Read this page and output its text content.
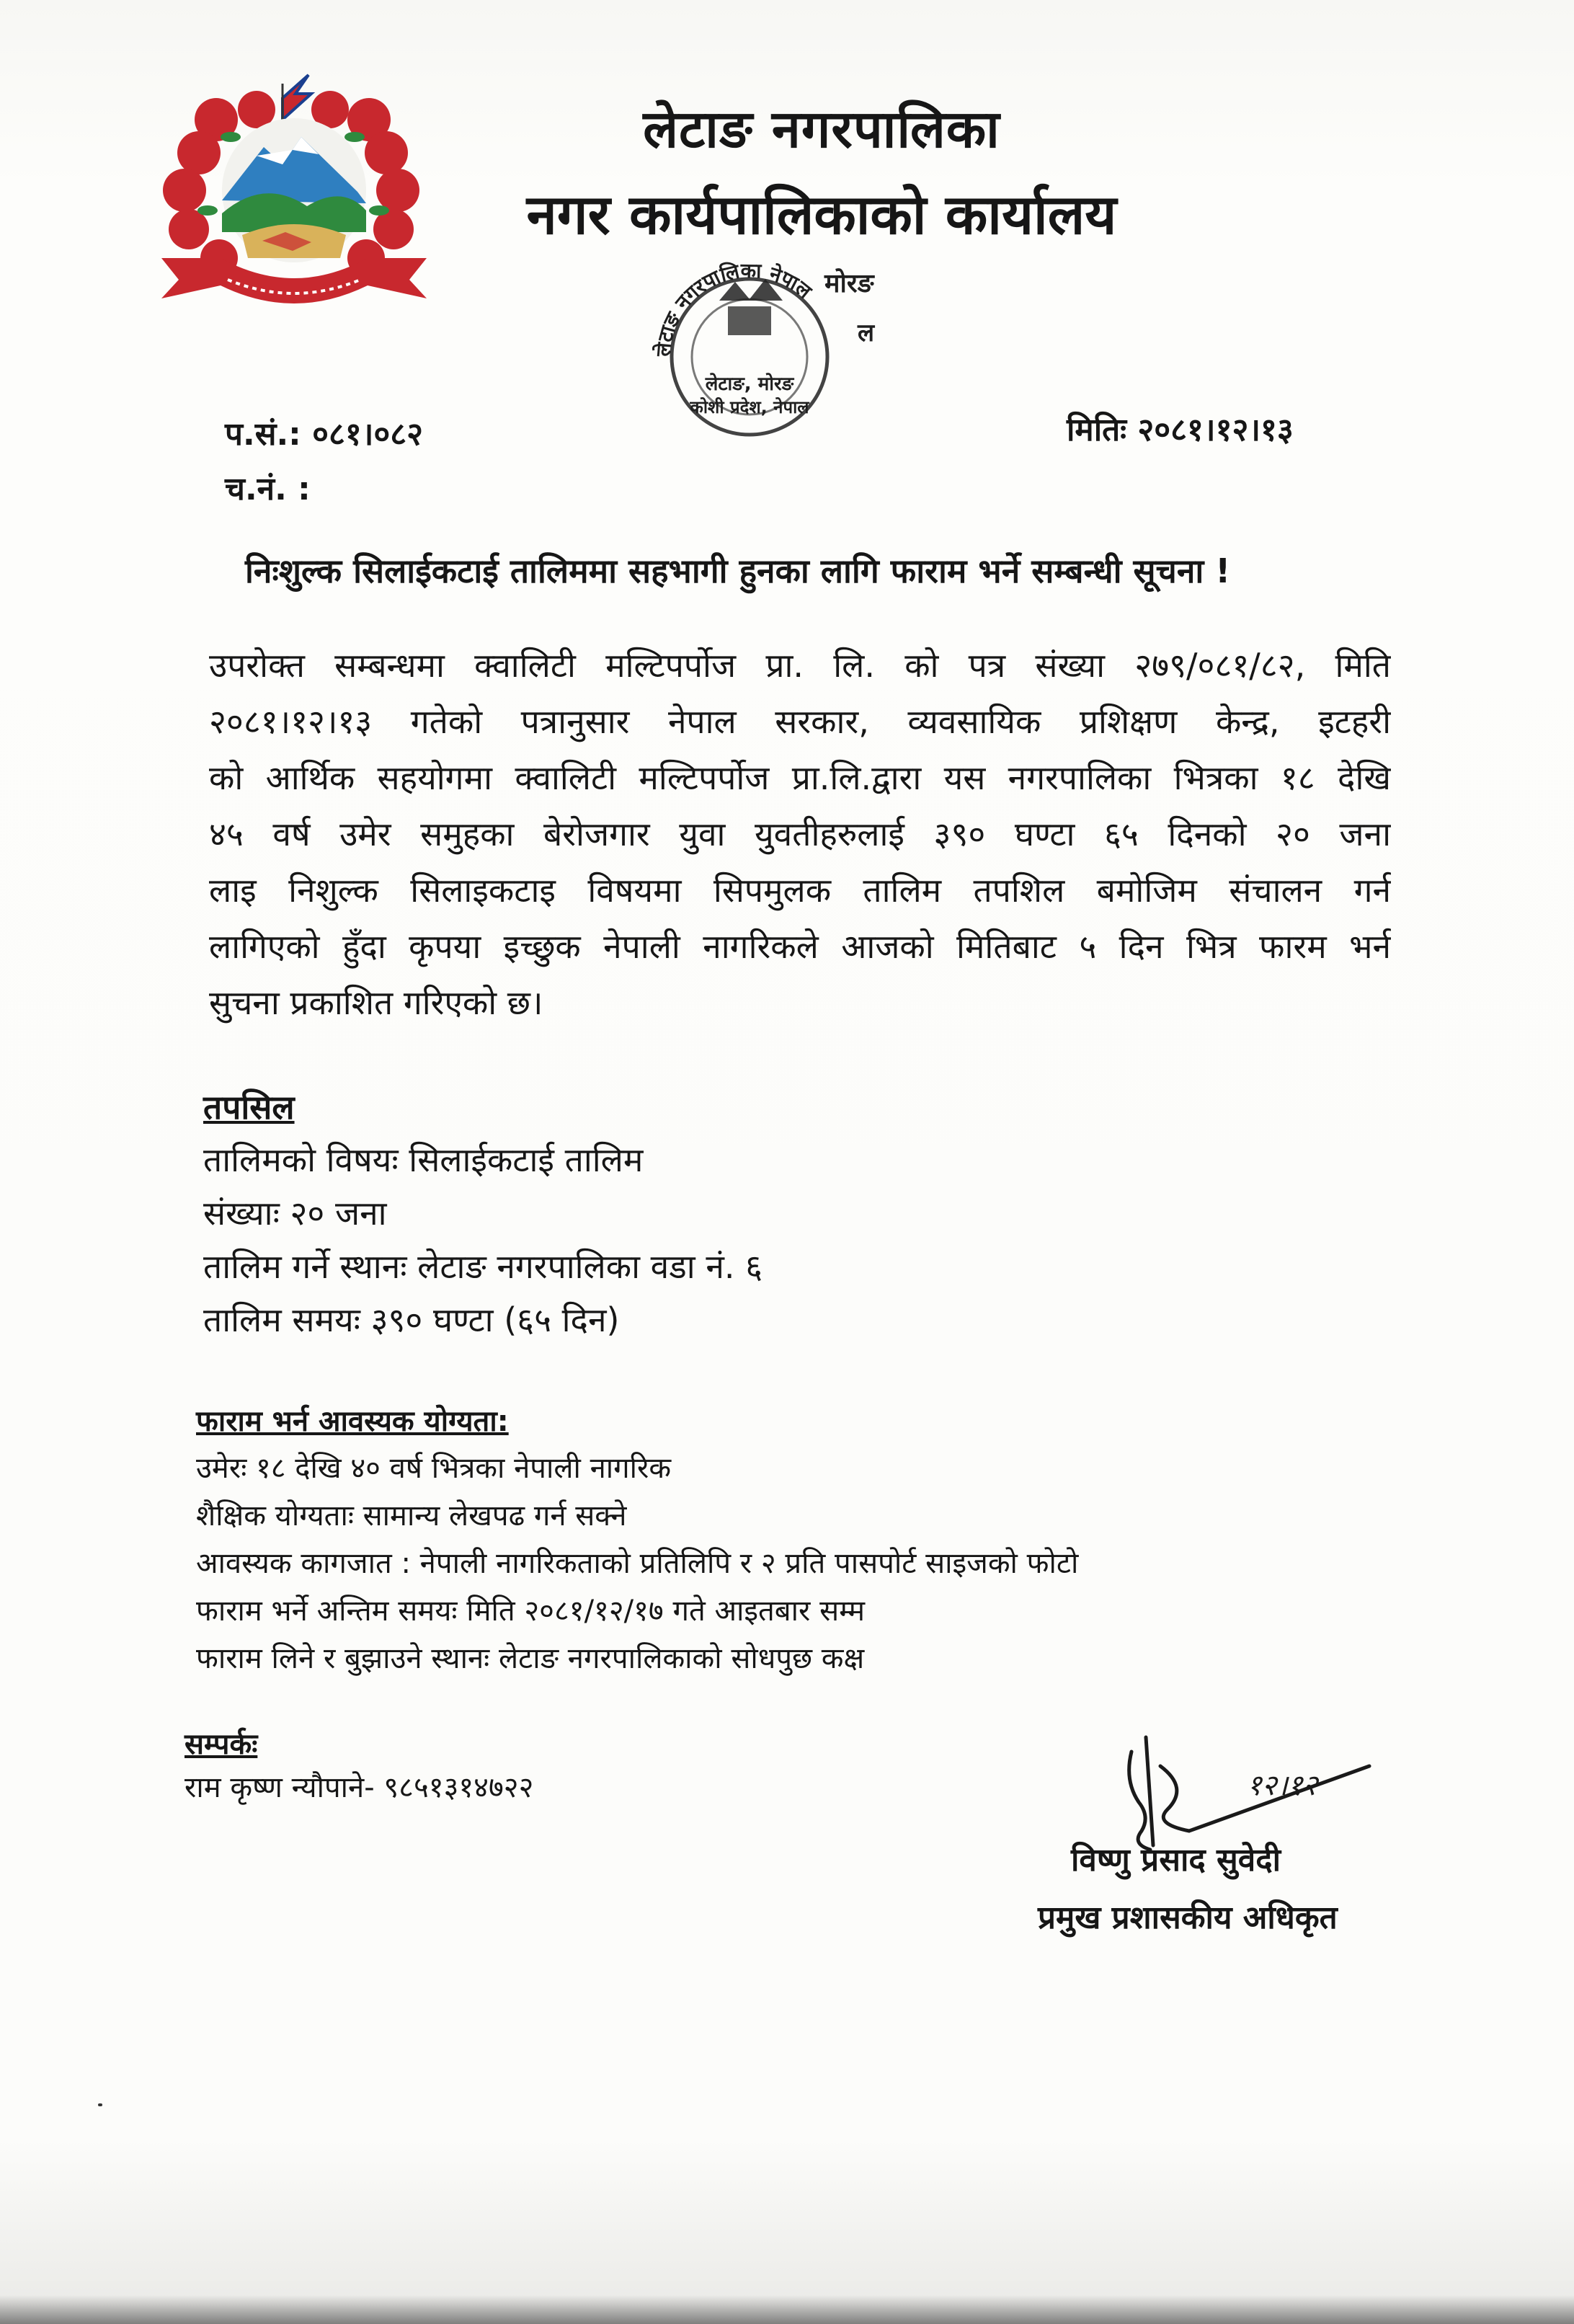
लेटाङ नगरपालिका
नगर कार्यपालिकाको कार्यालय
मोरङ
लेटाङ नगरपालिका नेपाल
ल
लेटाङ, मोरङ
कोशी प्रदेश, नेपाल
प.सं.: ०८१।०८२	मितिः २०८१।१२।१३
च.नं. :
निःशुल्क सिलाईकटाई तालिममा सहभागी हुनका लागि फाराम भर्ने सम्बन्धी सूचना !
उपरोक्त सम्बन्धमा क्वालिटी मल्टिपर्पोज प्रा. लि. को पत्र संख्या २७९/०८१/८२, मिति
२०८१।१२।१३ गतेको पत्रानुसार नेपाल सरकार, व्यवसायिक प्रशिक्षण केन्द्र, इटहरी
को आर्थिक सहयोगमा क्वालिटी मल्टिपर्पोज प्रा.लि.द्वारा यस नगरपालिका भित्रका १८ देखि
४५ वर्ष उमेर समुहका बेरोजगार युवा युवतीहरुलाई ३९० घण्टा ६५ दिनको २० जना
लाइ निशुल्क सिलाइकटाइ विषयमा सिपमुलक तालिम तपशिल बमोजिम संचालन गर्न
लागिएको हुँदा कृपया इच्छुक नेपाली नागरिकले आजको मितिबाट ५ दिन भित्र फारम भर्न
सुचना प्रकाशित गरिएको छ।
तपसिल
तालिमको विषयः सिलाईकटाई तालिम
संख्याः २० जना
तालिम गर्ने स्थानः लेटाङ नगरपालिका वडा नं. ६
तालिम समयः ३९० घण्टा (६५ दिन)
फाराम भर्न आवस्यक योग्यता:
उमेरः १८ देखि ४० वर्ष भित्रका नेपाली नागरिक
शैक्षिक योग्यताः सामान्य लेखपढ गर्न सक्ने
आवस्यक कागजात : नेपाली नागरिकताको प्रतिलिपि र २ प्रति पासपोर्ट साइजको फोटो
फाराम भर्ने अन्तिम समयः मिति २०८१/१२/१७ गते आइतबार सम्म
फाराम लिने र बुझाउने स्थानः लेटाङ नगरपालिकाको सोधपुछ कक्ष
सम्पर्कः
राम कृष्ण न्यौपाने- ९८५१३१४७२२	१२।१२
विष्णु प्रसाद सुवेदी
प्रमुख प्रशासकीय अधिकृत
